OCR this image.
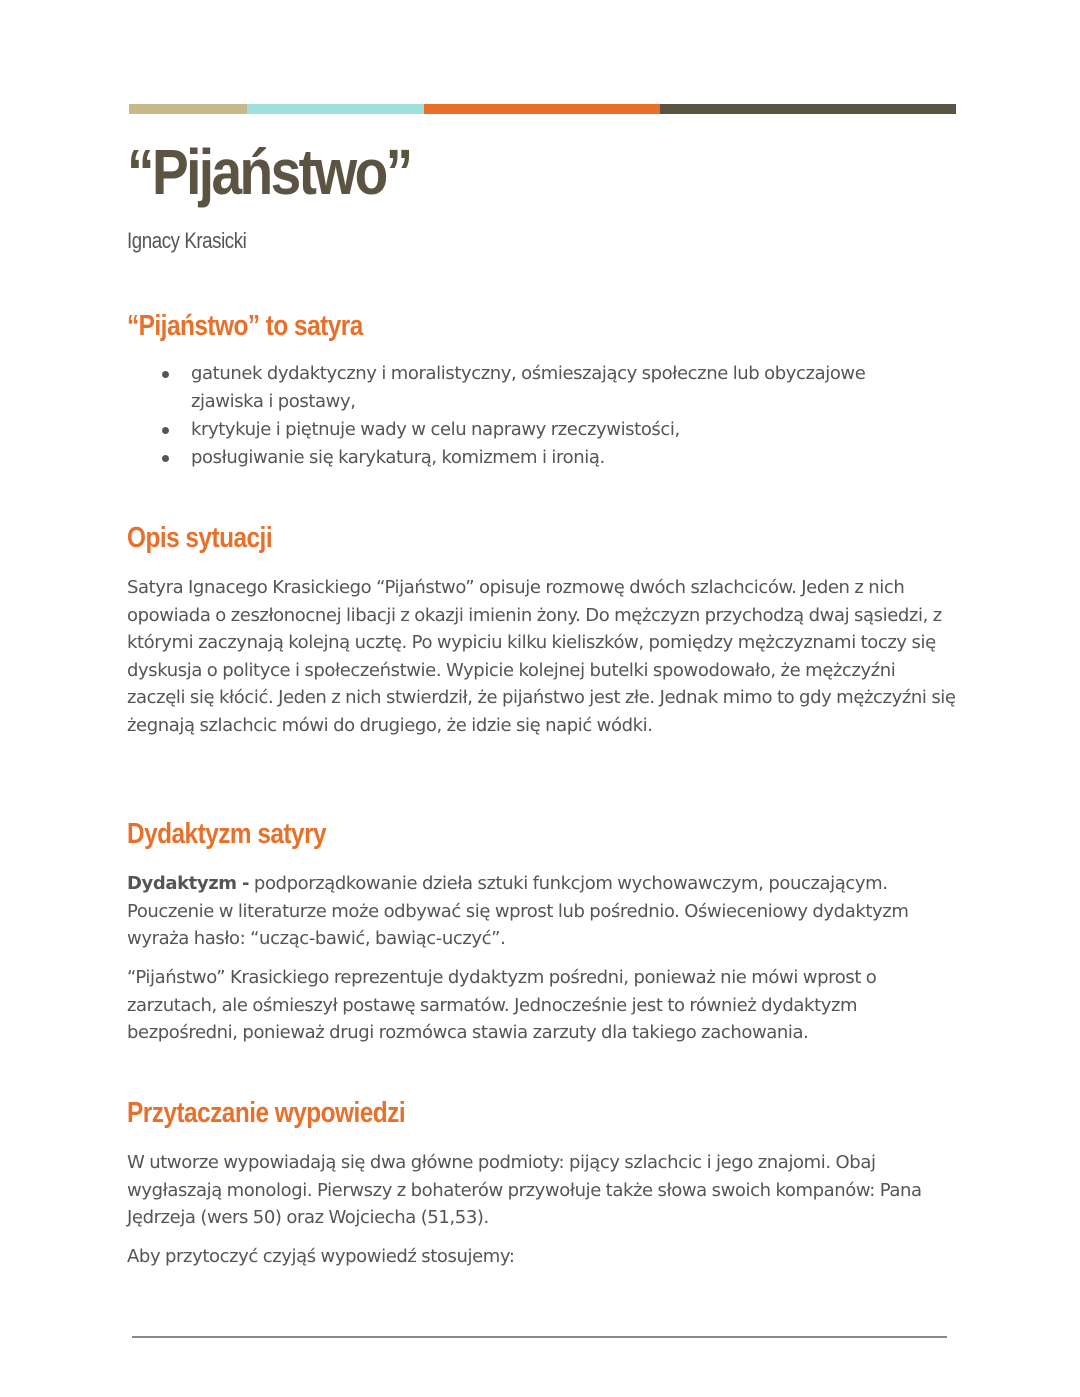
“Pijaństwo”

Ignacy Krasicki

“Pijaństwo” to satyra
gatunek dydaktyczny i moralistyczny, ośmieszający społeczne lub obyczajowe zjawiska i postawy,
krytykuje i piętnuje wady w celu naprawy rzeczywistości,
posługiwanie się karykaturą, komizmem i ironią.
Opis sytuacji

Satyra Ignacego Krasickiego “Pijaństwo” opisuje rozmowę dwóch szlachciców. Jeden z nich opowiada o zeszłonocnej libacji z okazji imienin żony. Do mężczyzn przychodzą dwaj sąsiedzi, z którymi zaczynają kolejną ucztę. Po wypiciu kilku kieliszków, pomiędzy mężczyznami toczy się dyskusja o polityce i społeczeństwie. Wypicie kolejnej butelki spowodowało, że mężczyźni zaczęli się kłócić. Jeden z nich stwierdził, że pijaństwo jest złe. Jednak mimo to gdy mężczyźni się żegnają szlachcic mówi do drugiego, że idzie się napić wódki.

Dydaktyzm satyry

Dydaktyzm - podporządkowanie dzieła sztuki funkcjom wychowawczym, pouczającym. Pouczenie w literaturze może odbywać się wprost lub pośrednio. Oświeceniowy dydaktyzm wyraża hasło: “ucząc-bawić, bawiąc-uczyć”.

“Pijaństwo” Krasickiego reprezentuje dydaktyzm pośredni, ponieważ nie mówi wprost o zarzutach, ale ośmieszył postawę sarmatów. Jednocześnie jest to również dydaktyzm bezpośredni, ponieważ drugi rozmówca stawia zarzuty dla takiego zachowania.

Przytaczanie wypowiedzi

W utworze wypowiadają się dwa główne podmioty: pijący szlachcic i jego znajomi. Obaj wygłaszają monologi. Pierwszy z bohaterów przywołuje także słowa swoich kompanów: Pana Jędrzeja (wers 50) oraz Wojciecha (51,53).

Aby przytoczyć czyjąś wypowiedź stosujemy:
